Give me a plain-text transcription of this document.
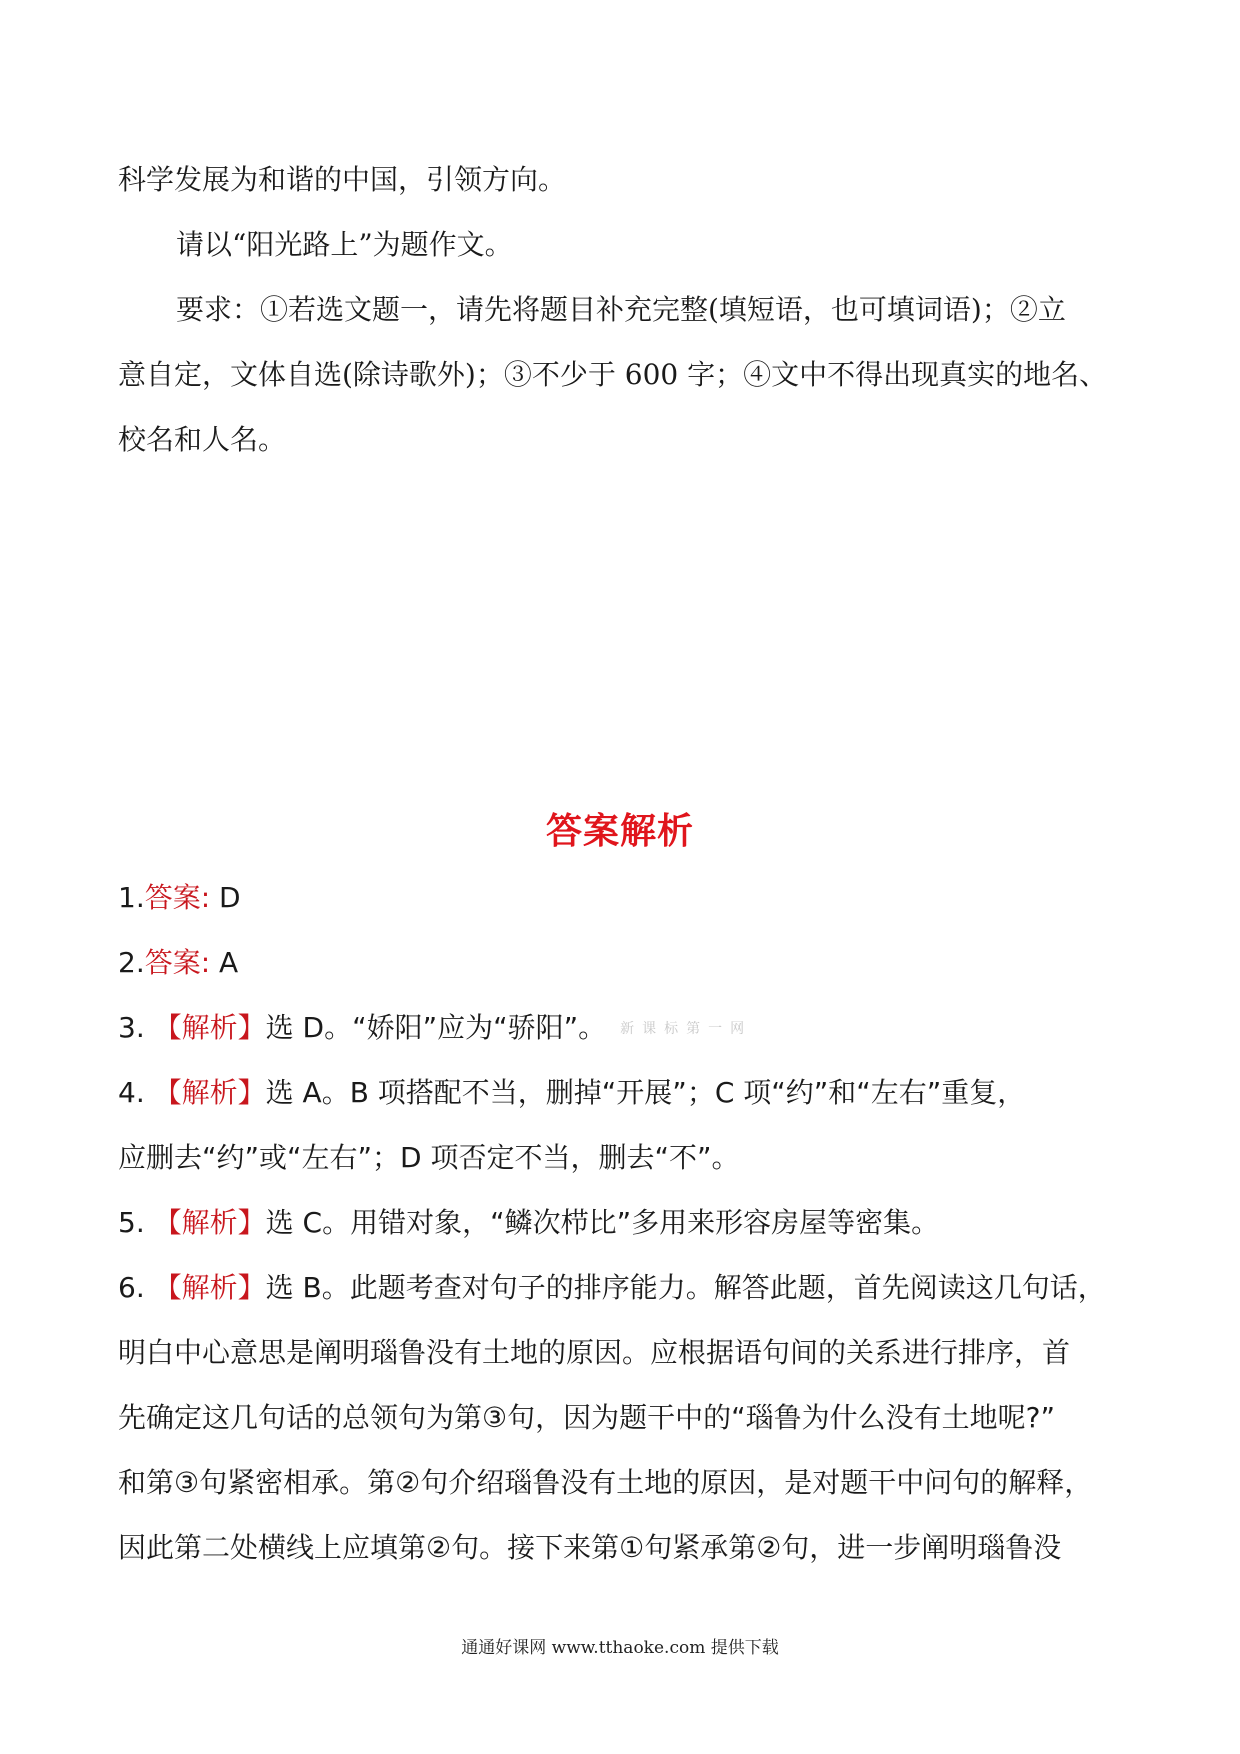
科学发展为和谐的中国，引领方向。
请以“阳光路上”为题作文。
要求：①若选文题一，请先将题目补充完整(填短语，也可填词语)；②立
意自定，文体自选(除诗歌外)；③不少于 600 字；④文中不得出现真实的地名、
校名和人名。
答案解析
1.答案: D
2.答案: A
3. 【解析】选 D。“娇阳”应为“骄阳”。 新课标第一网
4. 【解析】选 A。B 项搭配不当，删掉“开展”；C 项“约”和“左右”重复，
应删去“约”或“左右”；D 项否定不当，删去“不”。
5. 【解析】选 C。用错对象，“鳞次栉比”多用来形容房屋等密集。
6. 【解析】选 B。此题考查对句子的排序能力。解答此题，首先阅读这几句话，
明白中心意思是阐明瑙鲁没有土地的原因。应根据语句间的关系进行排序，首
先确定这几句话的总领句为第③句，因为题干中的“瑙鲁为什么没有土地呢?”
和第③句紧密相承。第②句介绍瑙鲁没有土地的原因，是对题干中问句的解释，
因此第二处横线上应填第②句。接下来第①句紧承第②句，进一步阐明瑙鲁没
通通好课网 www.tthaoke.com 提供下载
